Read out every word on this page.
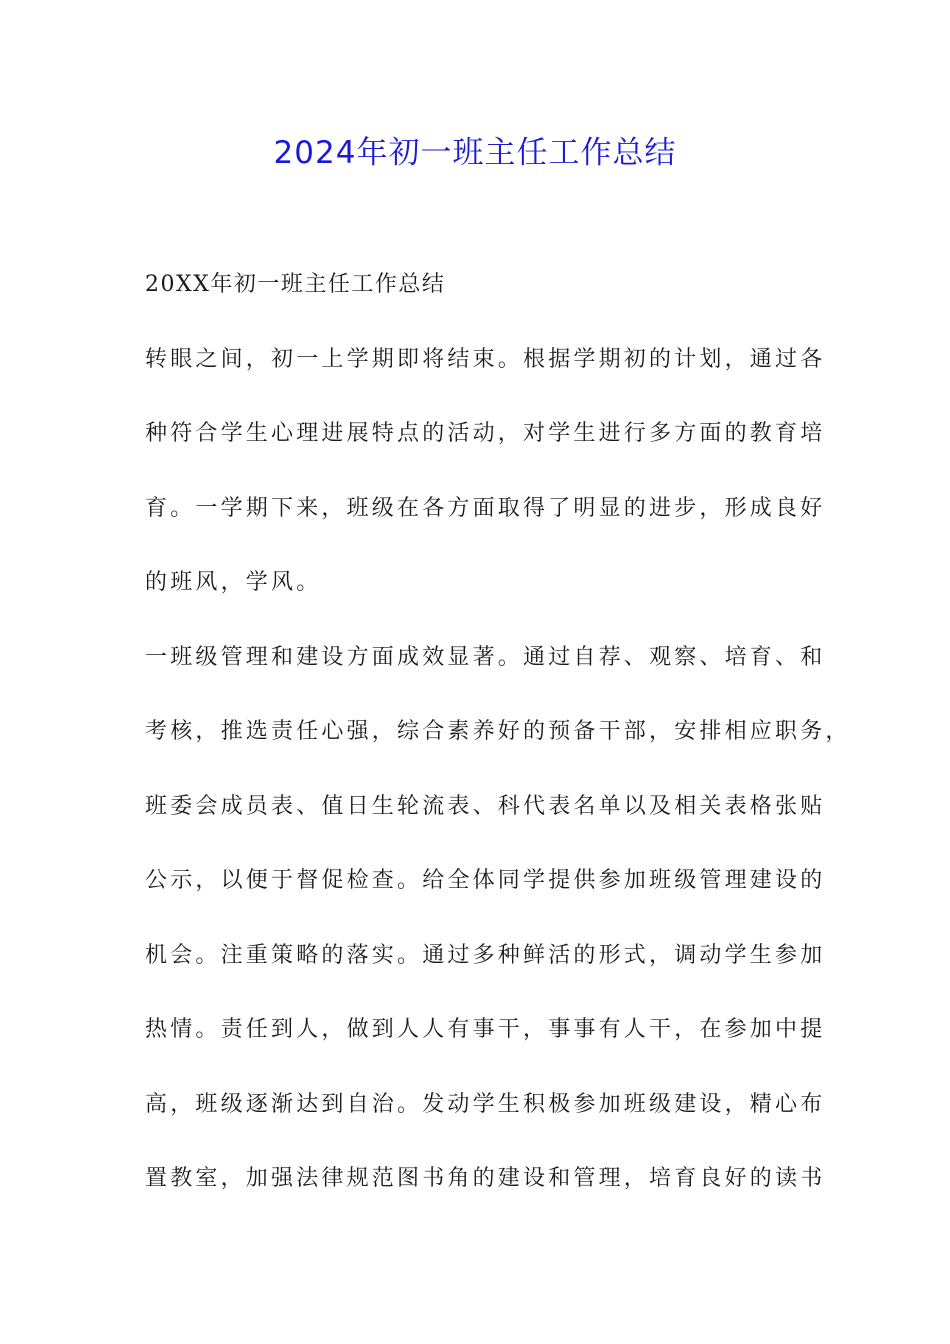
2024年初一班主任工作总结
20XX年初一班主任工作总结
转眼之间，初一上学期即将结束。根据学期初的计划，通过各
种符合学生心理进展特点的活动，对学生进行多方面的教育培
育。一学期下来，班级在各方面取得了明显的进步，形成良好
的班风，学风。
一班级管理和建设方面成效显著。通过自荐、观察、培育、和
考核，推选责任心强，综合素养好的预备干部，安排相应职务，
班委会成员表、值日生轮流表、科代表名单以及相关表格张贴
公示，以便于督促检查。给全体同学提供参加班级管理建设的
机会。注重策略的落实。通过多种鲜活的形式，调动学生参加
热情。责任到人，做到人人有事干，事事有人干，在参加中提
高，班级逐渐达到自治。发动学生积极参加班级建设，精心布
置教室，加强法律规范图书角的建设和管理，培育良好的读书
